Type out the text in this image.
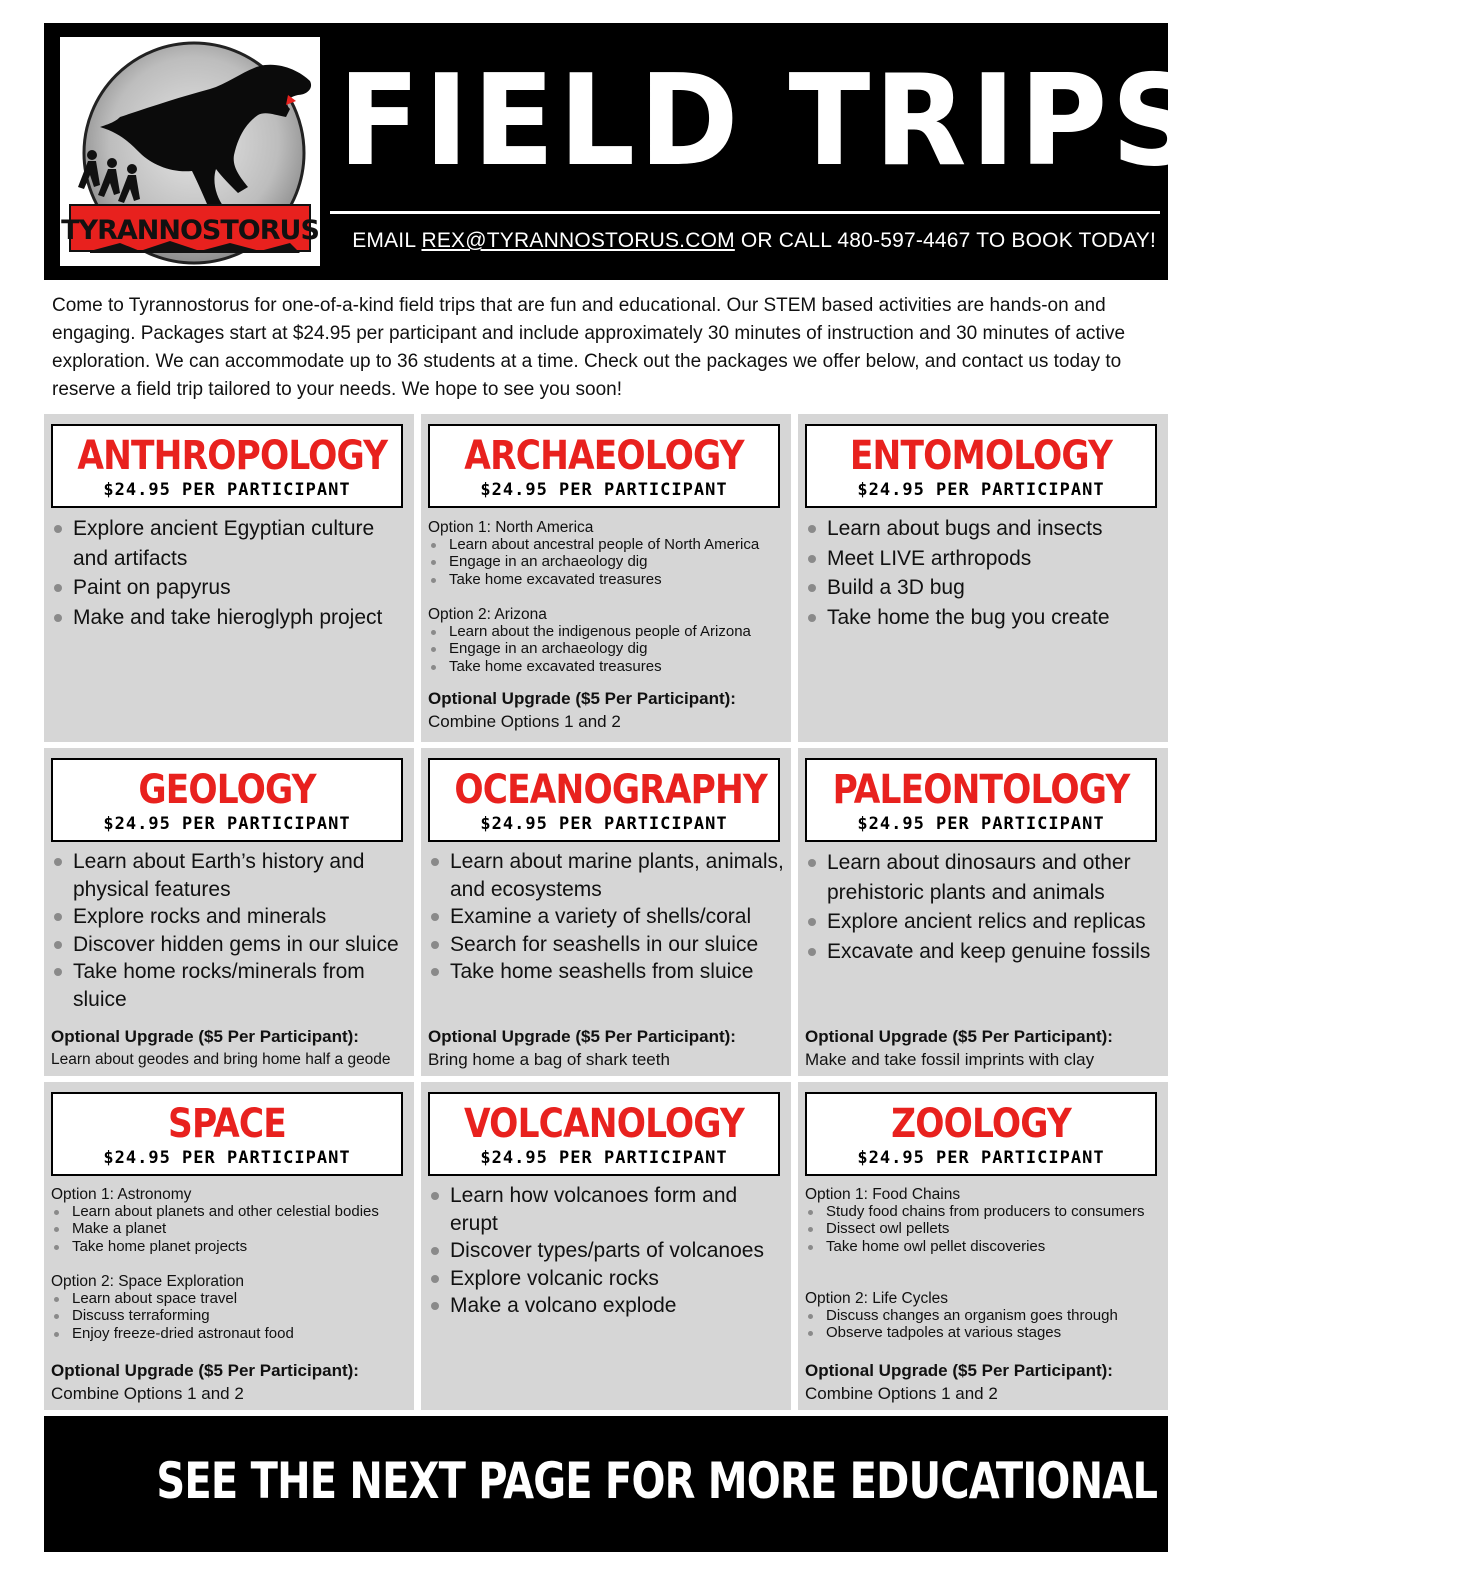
TYRANNOSTORUS
FIELD TRIPS
EMAIL REX@TYRANNOSTORUS.COM OR CALL 480-597-4467 TO BOOK TODAY!
Come to Tyrannostorus for one-of-a-kind field trips that are fun and educational. Our STEM based activities are hands-on and engaging. Packages start at $24.95 per participant and include approximately 30 minutes of instruction and 30 minutes of active exploration. We can accommodate up to 36 students at a time. Check out the packages we offer below, and contact us today to reserve a field trip tailored to your needs. We hope to see you soon!
ANTHROPOLOGY
$24.95 PER PARTICIPANT
Explore ancient Egyptian culture and artifacts
Paint on papyrus
Make and take hieroglyph project
ARCHAEOLOGY
$24.95 PER PARTICIPANT
Option 1: North America
Learn about ancestral people of North America
Engage in an archaeology dig
Take home excavated treasures
Option 2: Arizona
Learn about the indigenous people of Arizona
Engage in an archaeology dig
Take home excavated treasures
Optional Upgrade ($5 Per Participant):
Combine Options 1 and 2
ENTOMOLOGY
$24.95 PER PARTICIPANT
Learn about bugs and insects
Meet LIVE arthropods
Build a 3D bug
Take home the bug you create
GEOLOGY
$24.95 PER PARTICIPANT
Learn about Earth’s history and physical features
Explore rocks and minerals
Discover hidden gems in our sluice
Take home rocks/minerals from sluice
Optional Upgrade ($5 Per Participant):
Learn about geodes and bring home half a geode
OCEANOGRAPHY
$24.95 PER PARTICIPANT
Learn about marine plants, animals, and ecosystems
Examine a variety of shells/coral
Search for seashells in our sluice
Take home seashells from sluice
Optional Upgrade ($5 Per Participant):
Bring home a bag of shark teeth
PALEONTOLOGY
$24.95 PER PARTICIPANT
Learn about dinosaurs and other prehistoric plants and animals
Explore ancient relics and replicas
Excavate and keep genuine fossils
Optional Upgrade ($5 Per Participant):
Make and take fossil imprints with clay
SPACE
$24.95 PER PARTICIPANT
Option 1: Astronomy
Learn about planets and other celestial bodies
Make a planet
Take home planet projects
Option 2: Space Exploration
Learn about space travel
Discuss terraforming
Enjoy freeze-dried astronaut food
Optional Upgrade ($5 Per Participant):
Combine Options 1 and 2
VOLCANOLOGY
$24.95 PER PARTICIPANT
Learn how volcanoes form and erupt
Discover types/parts of volcanoes
Explore volcanic rocks
Make a volcano explode
ZOOLOGY
$24.95 PER PARTICIPANT
Option 1: Food Chains
Study food chains from producers to consumers
Dissect owl pellets
Take home owl pellet discoveries
Option 2: Life Cycles
Discuss changes an organism goes through
Observe tadpoles at various stages
Optional Upgrade ($5 Per Participant):
Combine Options 1 and 2
SEE THE NEXT PAGE FOR MORE EDUCATIONAL ADVENTURES!
